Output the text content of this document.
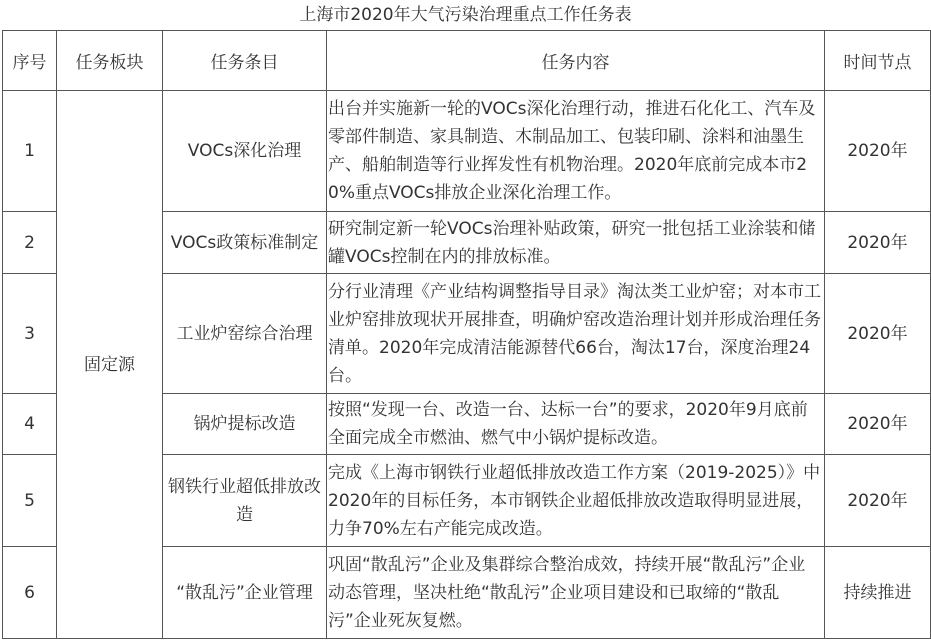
上海市2020年大气污染治理重点工作任务表
序号	任务板块	任务条目	任务内容	时间节点
1	固定源	VOCs深化治理	出台并实施新一轮的VOCs深化治理行动，推进石化化工、汽车及零部件制造、家具制造、木制品加工、包装印刷、涂料和油墨生产、船舶制造等行业挥发性有机物治理。2020年底前完成本市20%重点VOCs排放企业深化治理工作。	2020年
2		VOCs政策标准制定	研究制定新一轮VOCs治理补贴政策，研究一批包括工业涂装和储罐VOCs控制在内的排放标准。	2020年
3		工业炉窑综合治理	分行业清理《产业结构调整指导目录》淘汰类工业炉窑；对本市工业炉窑排放现状开展排查，明确炉窑改造治理计划并形成治理任务清单。2020年完成清洁能源替代66台，淘汰17台，深度治理24台。	2020年
4		锅炉提标改造	按照“发现一台、改造一台、达标一台”的要求，2020年9月底前全面完成全市燃油、燃气中小锅炉提标改造。	2020年
5		钢铁行业超低排放改造	完成《上海市钢铁行业超低排放改造工作方案（2019-2025）》中2020年的目标任务，本市钢铁企业超低排放改造取得明显进展，力争70%左右产能完成改造。	2020年
6		“散乱污”企业管理	巩固“散乱污”企业及集群综合整治成效，持续开展“散乱污”企业动态管理，坚决杜绝“散乱污”企业项目建设和已取缔的“散乱污”企业死灰复燃。	持续推进
